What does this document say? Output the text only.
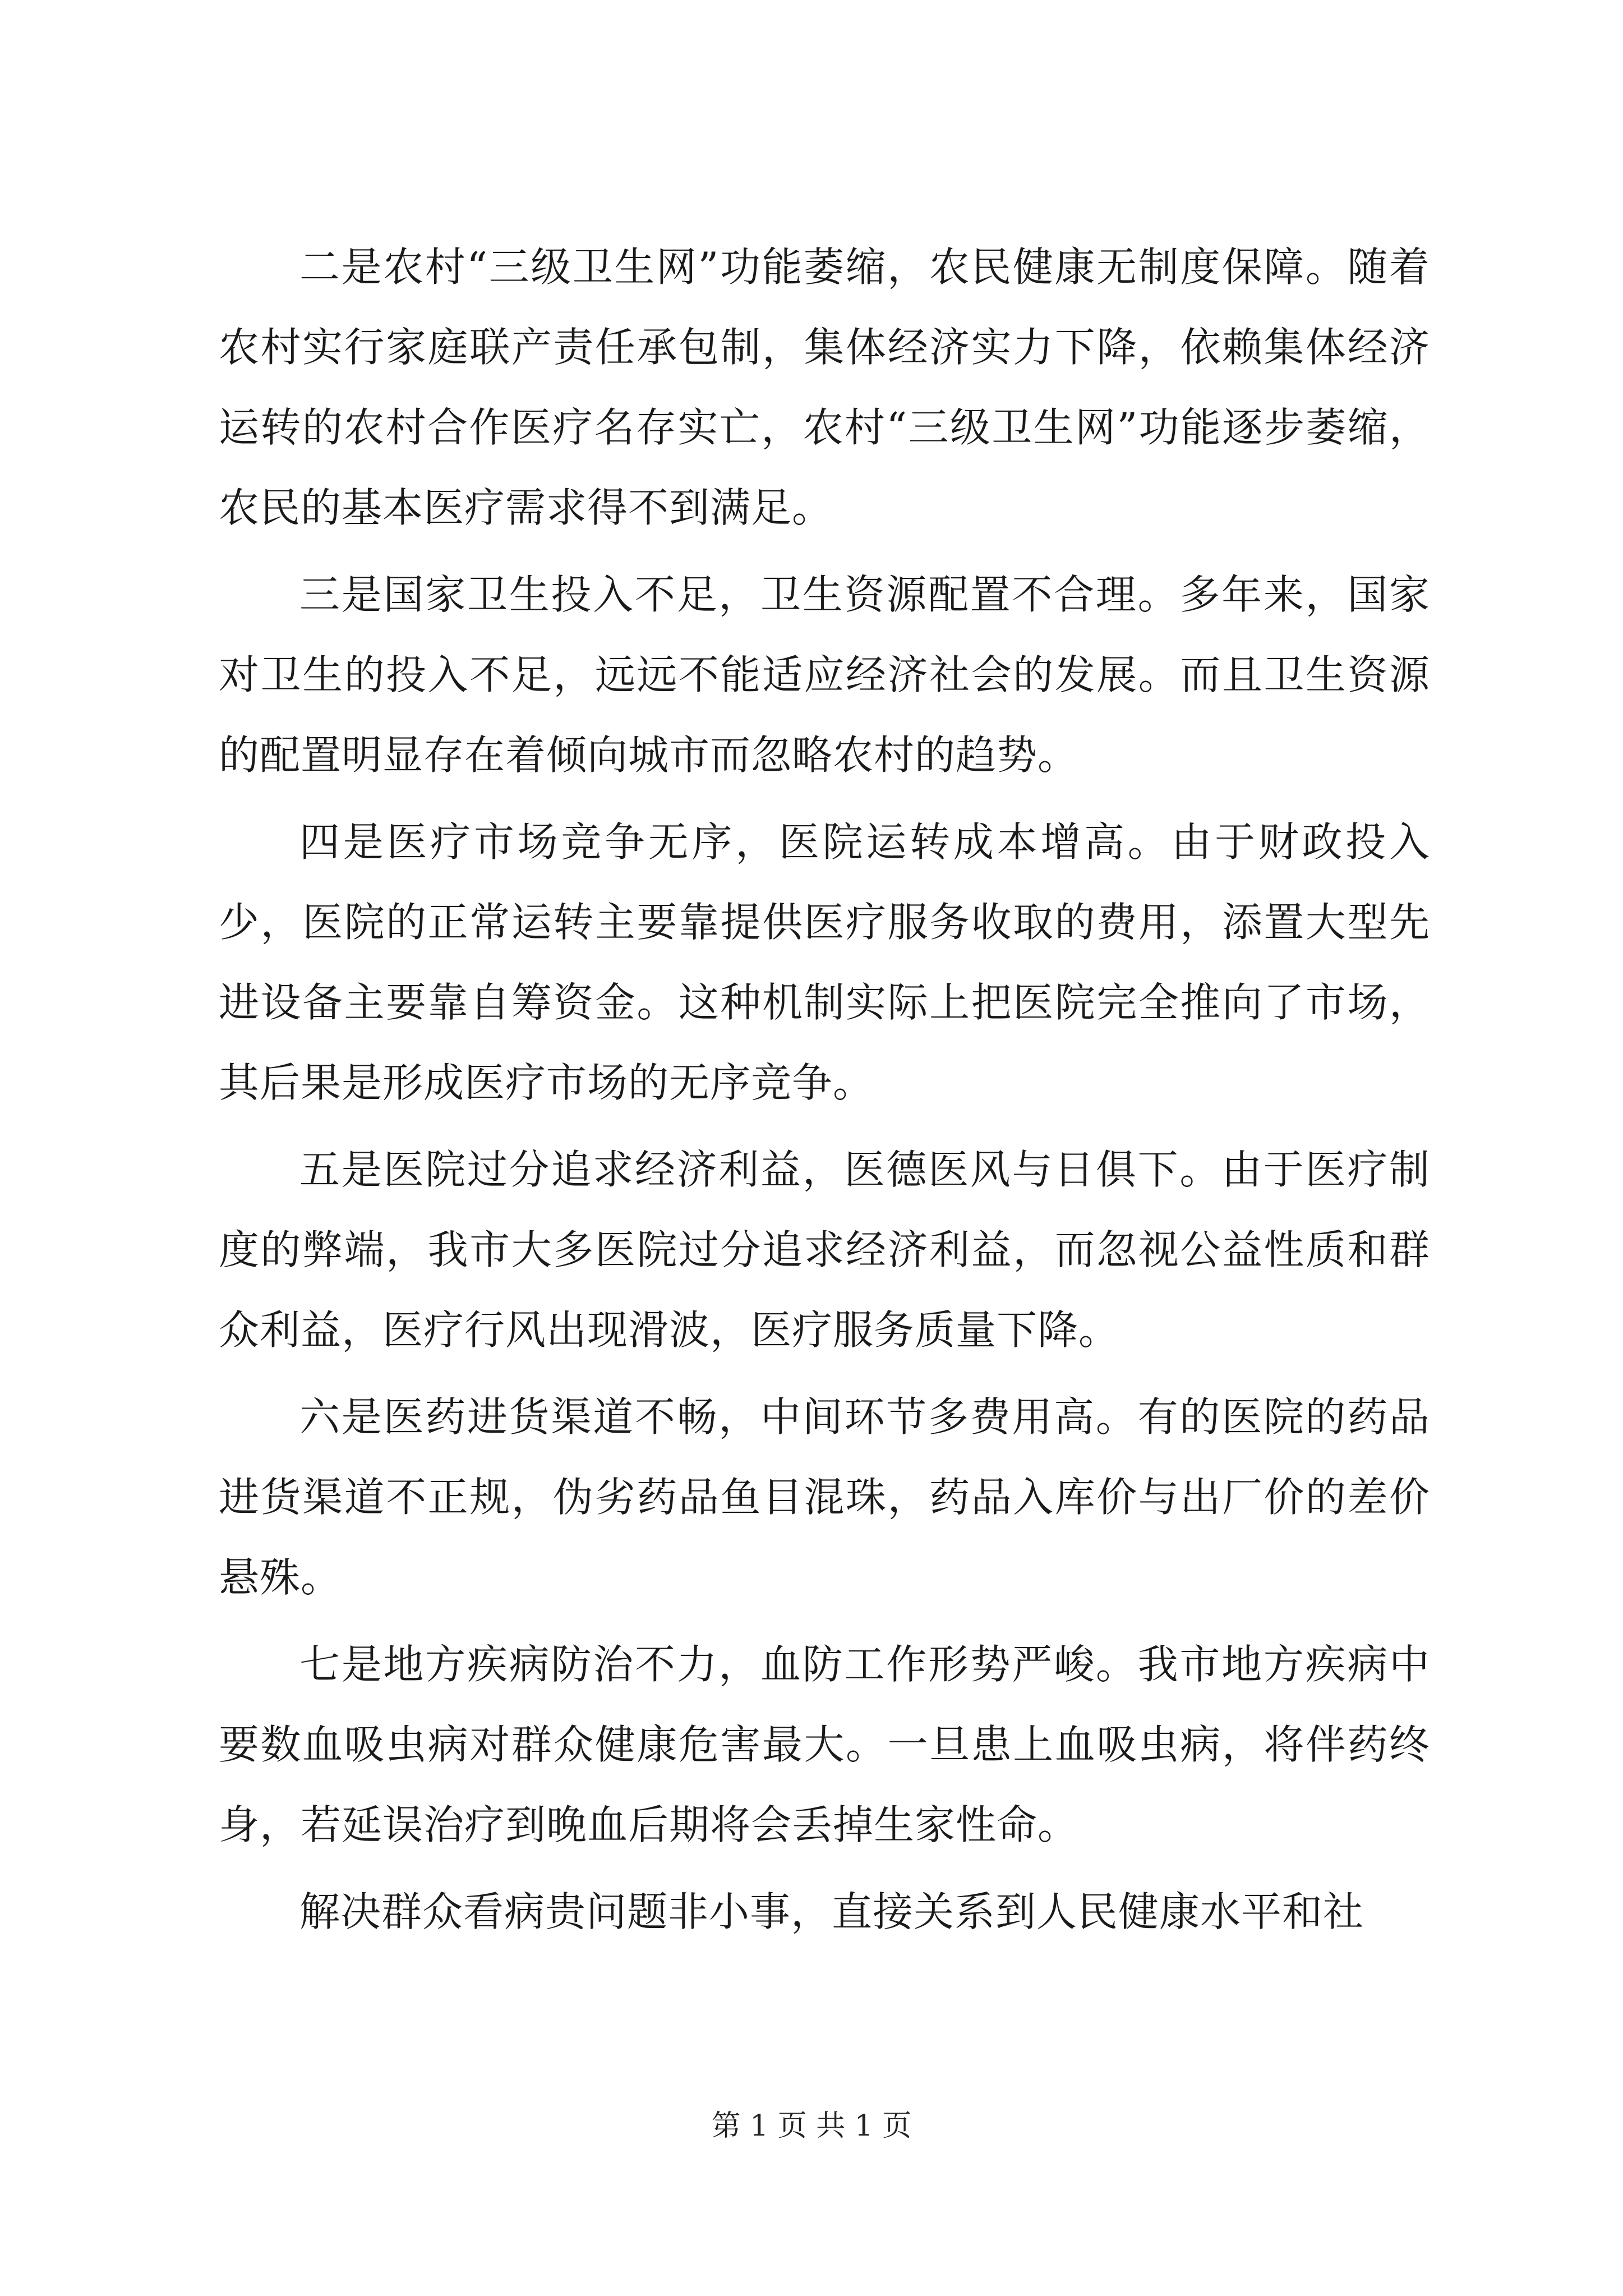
二是农村“三级卫生网”功能萎缩，农民健康无制度保障。随着农村实行家庭联产责任承包制，集体经济实力下降，依赖集体经济运转的农村合作医疗名存实亡，农村“三级卫生网”功能逐步萎缩，农民的基本医疗需求得不到满足。

三是国家卫生投入不足，卫生资源配置不合理。多年来，国家对卫生的投入不足，远远不能适应经济社会的发展。而且卫生资源的配置明显存在着倾向城市而忽略农村的趋势。

四是医疗市场竞争无序，医院运转成本增高。由于财政投入少，医院的正常运转主要靠提供医疗服务收取的费用，添置大型先进设备主要靠自筹资金。这种机制实际上把医院完全推向了市场，其后果是形成医疗市场的无序竞争。

五是医院过分追求经济利益，医德医风与日俱下。由于医疗制度的弊端，我市大多医院过分追求经济利益，而忽视公益性质和群众利益，医疗行风出现滑波，医疗服务质量下降。

六是医药进货渠道不畅，中间环节多费用高。有的医院的药品进货渠道不正规，伪劣药品鱼目混珠，药品入库价与出厂价的差价悬殊。

七是地方疾病防治不力，血防工作形势严峻。我市地方疾病中要数血吸虫病对群众健康危害最大。一旦患上血吸虫病，将伴药终身，若延误治疗到晚血后期将会丢掉生家性命。

解决群众看病贵问题非小事，直接关系到人民健康水平和社

第 1 页 共 1 页
